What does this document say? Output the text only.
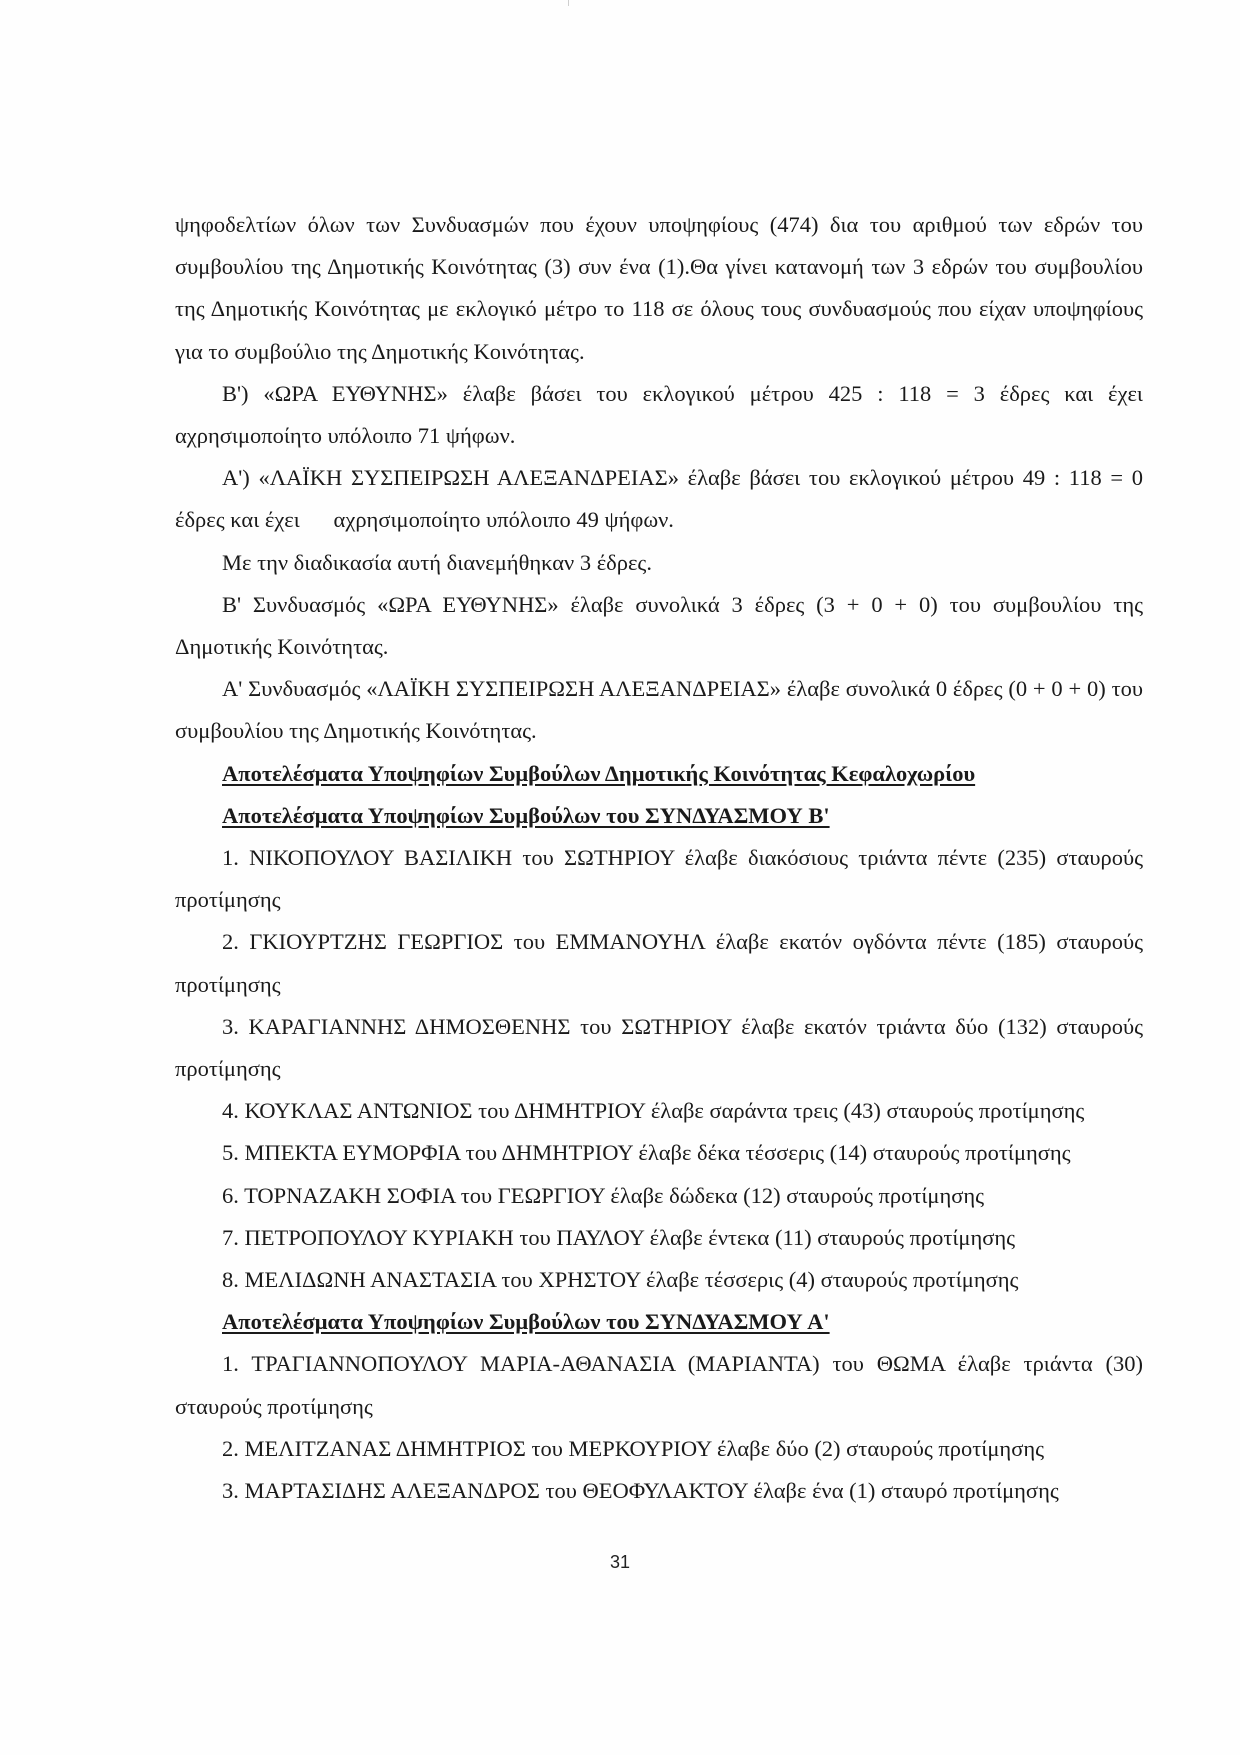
ψηφοδελτίων όλων των Συνδυασμών που έχουν υποψηφίους (474) δια του αριθμού των εδρών του συμβουλίου της Δημοτικής Κοινότητας (3) συν ένα (1).Θα γίνει κατανομή των 3 εδρών του συμβουλίου της Δημοτικής Κοινότητας με εκλογικό μέτρο το 118 σε όλους τους συνδυασμούς που είχαν υποψηφίους για το συμβούλιο της Δημοτικής Κοινότητας.

Β') «ΩΡΑ ΕΥΘΥΝΗΣ» έλαβε βάσει του εκλογικού μέτρου 425 : 118 = 3 έδρες και έχει αχρησιμοποίητο υπόλοιπο 71 ψήφων.

Α') «ΛΑΪΚΗ ΣΥΣΠΕΙΡΩΣΗ ΑΛΕΞΑΝΔΡΕΙΑΣ» έλαβε βάσει του εκλογικού μέτρου 49 : 118 = 0 έδρες και έχει      αχρησιμοποίητο υπόλοιπο 49 ψήφων.

Με την διαδικασία αυτή διανεμήθηκαν 3 έδρες.

Β' Συνδυασμός «ΩΡΑ ΕΥΘΥΝΗΣ» έλαβε συνολικά 3 έδρες (3 + 0 + 0) του συμβουλίου της Δημοτικής Κοινότητας.

Α' Συνδυασμός «ΛΑΪΚΗ ΣΥΣΠΕΙΡΩΣΗ ΑΛΕΞΑΝΔΡΕΙΑΣ» έλαβε συνολικά 0 έδρες (0 + 0 + 0) του συμβουλίου της Δημοτικής Κοινότητας.

Αποτελέσματα Υποψηφίων Συμβούλων Δημοτικής Κοινότητας Κεφαλοχωρίου

Αποτελέσματα Υποψηφίων Συμβούλων του ΣΥΝΔΥΑΣΜΟΥ Β'

1. ΝΙΚΟΠΟΥΛΟΥ ΒΑΣΙΛΙΚΗ του ΣΩΤΗΡΙΟΥ έλαβε διακόσιους τριάντα πέντε (235) σταυρούς προτίμησης

2. ΓΚΙΟΥΡΤΖΗΣ ΓΕΩΡΓΙΟΣ του ΕΜΜΑΝΟΥΗΛ έλαβε εκατόν ογδόντα πέντε (185) σταυρούς προτίμησης

3. ΚΑΡΑΓΙΑΝΝΗΣ ΔΗΜΟΣΘΕΝΗΣ του ΣΩΤΗΡΙΟΥ έλαβε εκατόν τριάντα δύο (132) σταυρούς προτίμησης

4. ΚΟΥΚΛΑΣ ΑΝΤΩΝΙΟΣ του ΔΗΜΗΤΡΙΟΥ έλαβε σαράντα τρεις (43) σταυρούς προτίμησης

5. ΜΠΕΚΤΑ ΕΥΜΟΡΦΙΑ του ΔΗΜΗΤΡΙΟΥ έλαβε δέκα τέσσερις (14) σταυρούς προτίμησης

6. ΤΟΡΝΑΖΑΚΗ ΣΟΦΙΑ του ΓΕΩΡΓΙΟΥ έλαβε δώδεκα (12) σταυρούς προτίμησης

7. ΠΕΤΡΟΠΟΥΛΟΥ ΚΥΡΙΑΚΗ του ΠΑΥΛΟΥ έλαβε έντεκα (11) σταυρούς προτίμησης

8. ΜΕΛΙΔΩΝΗ ΑΝΑΣΤΑΣΙΑ του ΧΡΗΣΤΟΥ έλαβε τέσσερις (4) σταυρούς προτίμησης

Αποτελέσματα Υποψηφίων Συμβούλων του ΣΥΝΔΥΑΣΜΟΥ Α'

1. ΤΡΑΓΙΑΝΝΟΠΟΥΛΟΥ ΜΑΡΙΑ-ΑΘΑΝΑΣΙΑ (ΜΑΡΙΑΝΤΑ) του ΘΩΜΑ έλαβε τριάντα (30) σταυρούς προτίμησης

2. ΜΕΛΙΤΖΑΝΑΣ ΔΗΜΗΤΡΙΟΣ του ΜΕΡΚΟΥΡΙΟΥ έλαβε δύο (2) σταυρούς προτίμησης

3. ΜΑΡΤΑΣΙΔΗΣ ΑΛΕΞΑΝΔΡΟΣ του ΘΕΟΦΥΛΑΚΤΟΥ έλαβε ένα (1) σταυρό προτίμησης

31
